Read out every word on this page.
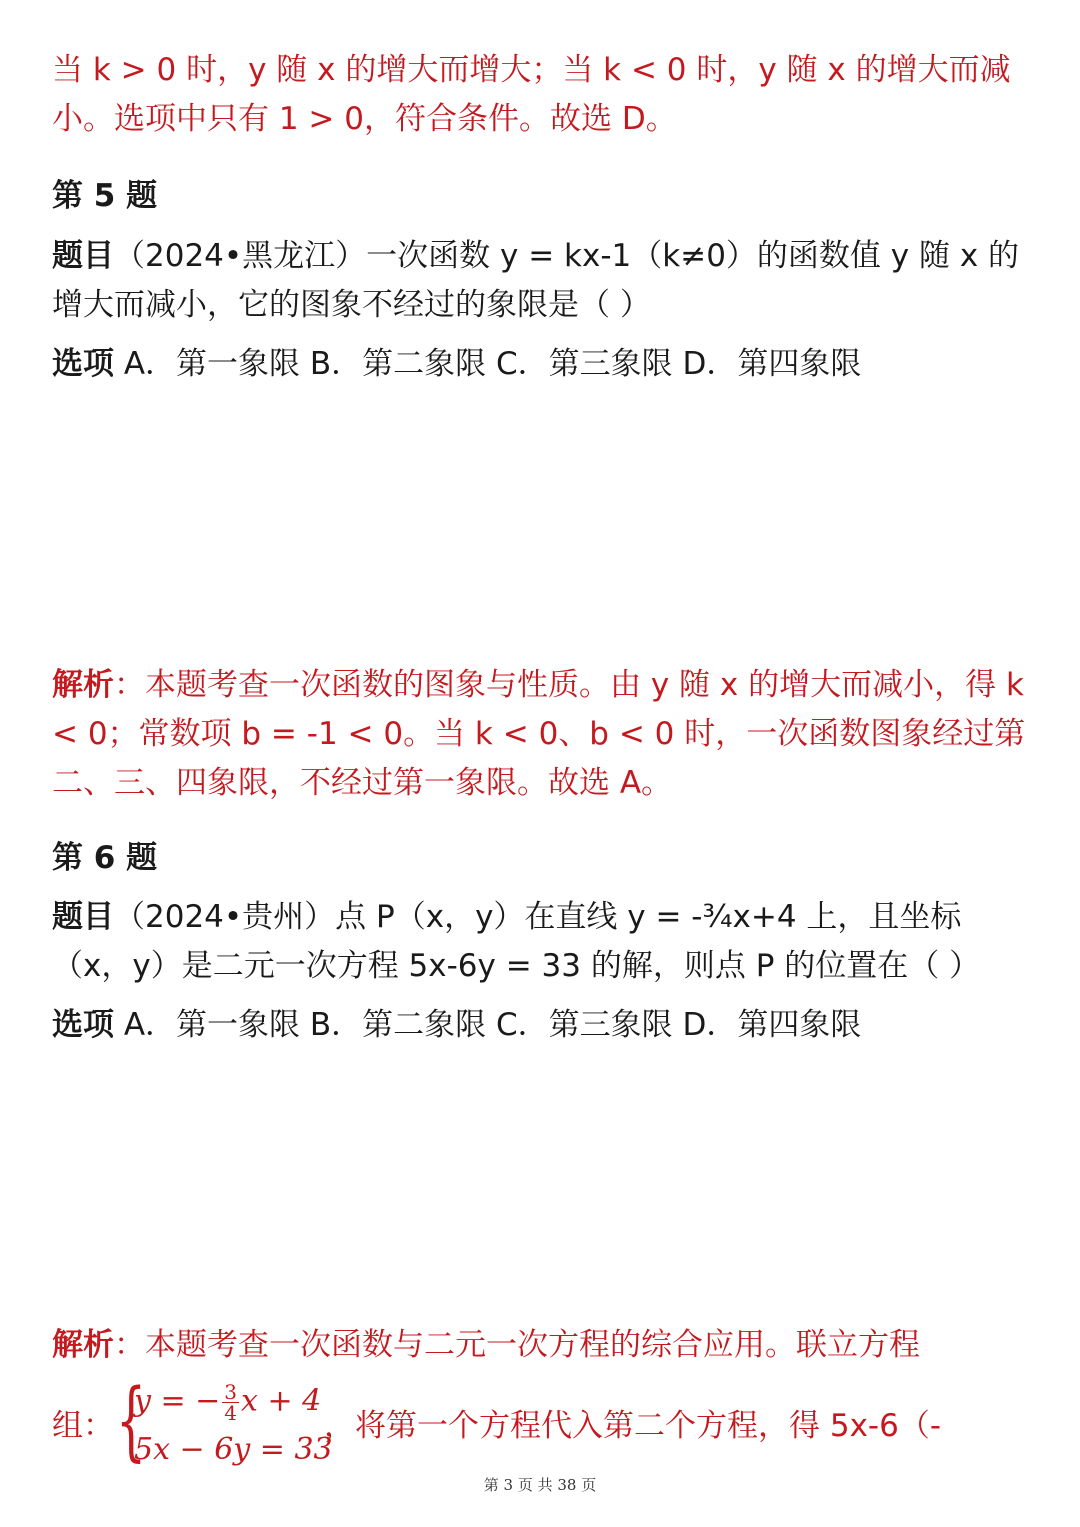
当 k > 0 时，y 随 x 的增大而增大；当 k < 0 时，y 随 x 的增大而减小。选项中只有 1 > 0，符合条件。故选 D。

第 5 题

题目（2024•黑龙江）一次函数 y = kx-1（k≠0）的函数值 y 随 x 的增大而减小，它的图象不经过的象限是（ ）

选项 A．第一象限 B．第二象限 C．第三象限 D．第四象限

解析：本题考查一次函数的图象与性质。由 y 随 x 的增大而减小，得 k < 0；常数项 b = -1 < 0。当 k < 0、b < 0 时，一次函数图象经过第二、三、四象限，不经过第一象限。故选 A。

第 6 题

题目（2024•贵州）点 P（x，y）在直线 y = -¾x+4 上，且坐标（x，y）是二元一次方程 5x-6y = 33 的解，则点 P 的位置在（ ）

选项 A．第一象限 B．第二象限 C．第三象限 D．第四象限

解析：本题考查一次函数与二元一次方程的综合应用。联立方程

组： {
y = − $\frac{3}{4}$ x + 4
5x − 6y = 33
，将第一个方程代入第二个方程，得 5x-6（-
第 3 页 共 38 页
